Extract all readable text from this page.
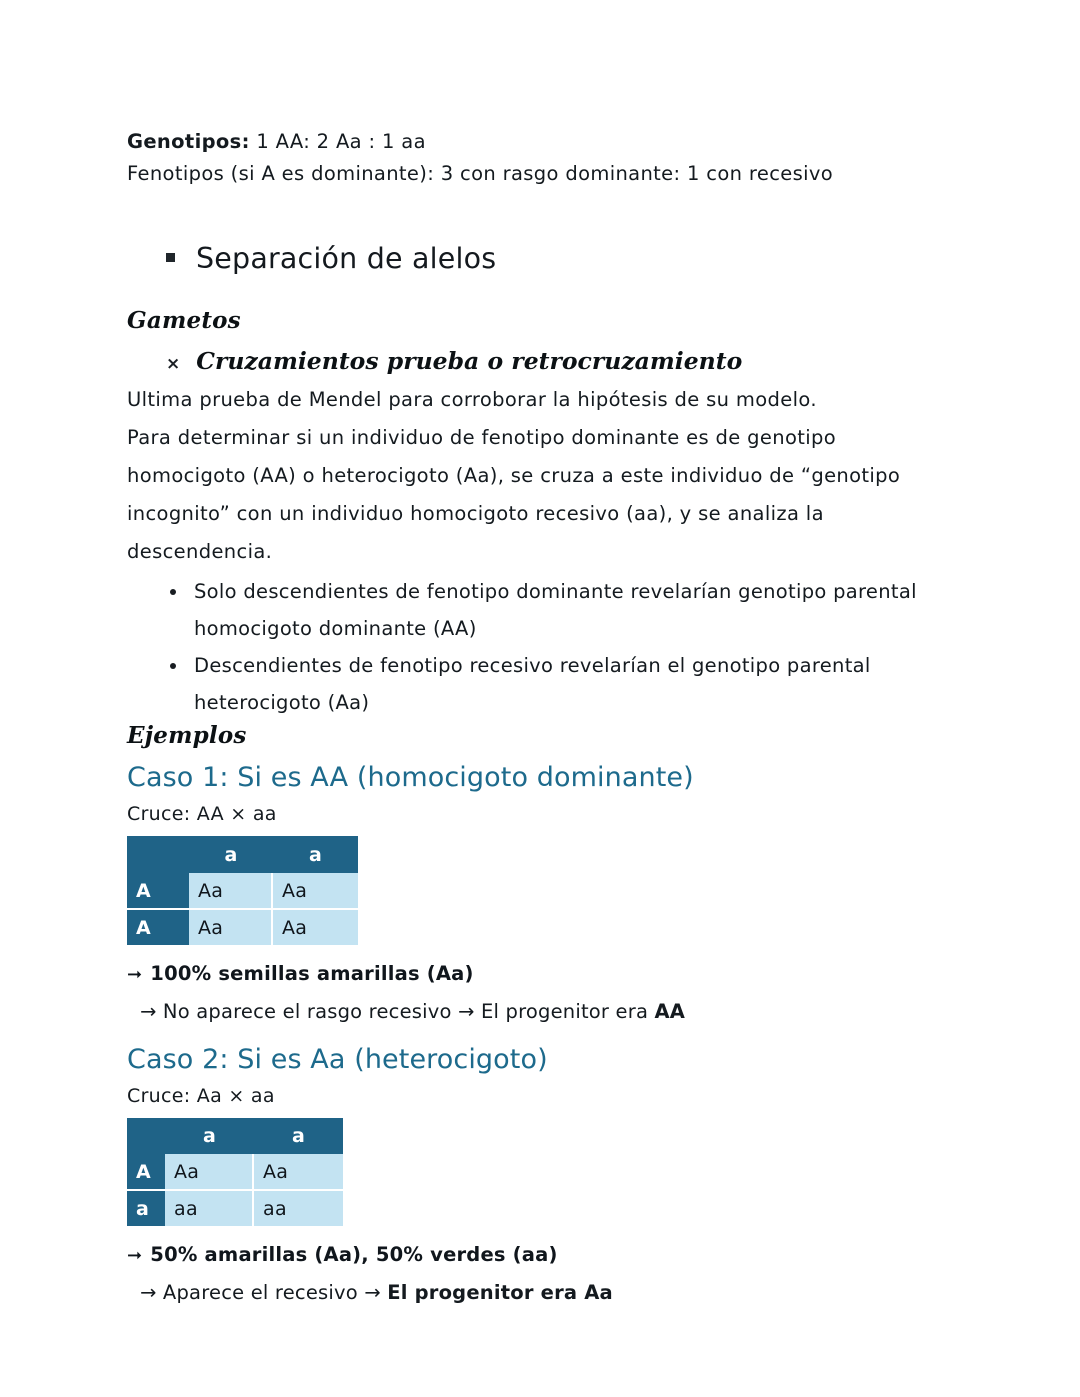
Genotipos: 1 AA: 2 Aa : 1 aa
Fenotipos (si A es dominante): 3 con rasgo dominante: 1 con recesivo
Separación de alelos
Gametos
× Cruzamientos prueba o retrocruzamiento

Ultima prueba de Mendel para corroborar la hipótesis de su modelo.

Para determinar si un individuo de fenotipo dominante es de genotipo

homocigoto (AA) o heterocigoto (Aa), se cruza a este individuo de “genotipo

incognito” con un individuo homocigoto recesivo (aa), y se analiza la

descendencia.

Solo descendientes de fenotipo dominante revelarían genotipo parental homocigoto dominante (AA)
Descendientes de fenotipo recesivo revelarían el genotipo parental heterocigoto (Aa)
Ejemplos
Caso 1: Si es AA (homocigoto dominante)
Cruce: AA × aa
	a	a
A	Aa	Aa
A	Aa	Aa
➞ 100% semillas amarillas (Aa)
→ No aparece el rasgo recesivo → El progenitor era AA
Caso 2: Si es Aa (heterocigoto)
Cruce: Aa × aa
	a	a
A	Aa	Aa
a	aa	aa
➞ 50% amarillas (Aa), 50% verdes (aa)
→ Aparece el recesivo → El progenitor era Aa
